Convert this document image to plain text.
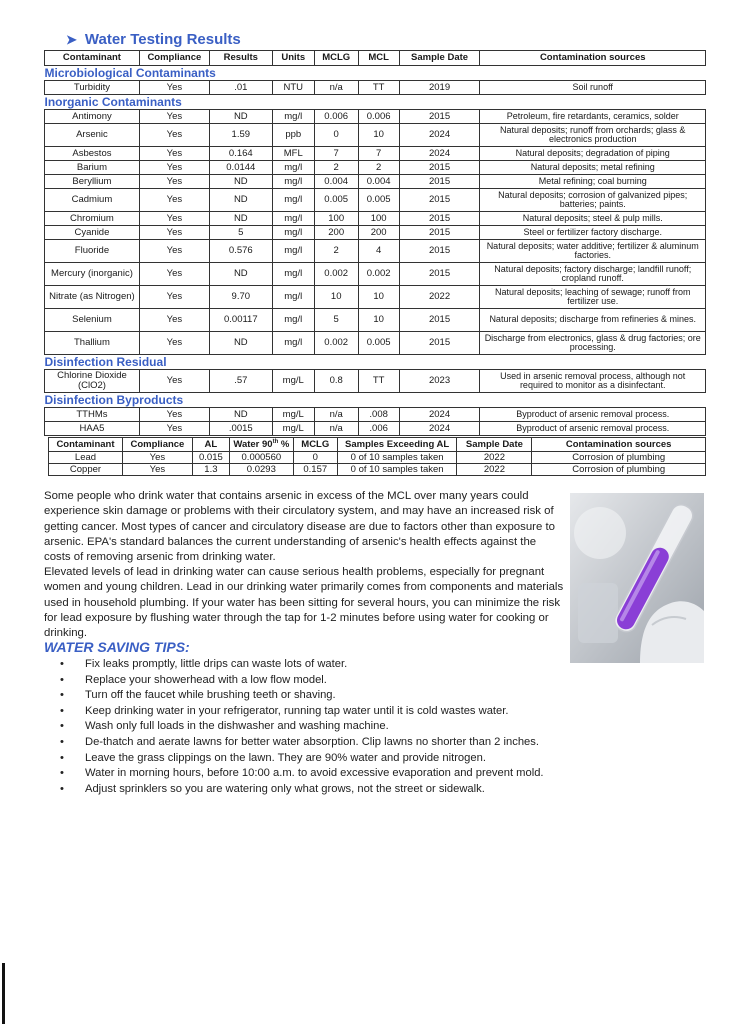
➤ Water Testing Results
Contaminant	Compliance	Results	Units	MCLG	MCL	Sample Date	Contamination sources
Microbiological Contaminants							
Turbidity	Yes	.01	NTU	n/a	TT	2019	Soil runoff
Inorganic Contaminants							
Antimony	Yes	ND	mg/l	0.006	0.006	2015	Petroleum, fire retardants, ceramics, solder
Arsenic	Yes	1.59	ppb	0	10	2024	Natural deposits; runoff from orchards; glass & electronics production
Asbestos	Yes	0.164	MFL	7	7	2024	Natural deposits; degradation of piping
Barium	Yes	0.0144	mg/l	2	2	2015	Natural deposits; metal refining
Beryllium	Yes	ND	mg/l	0.004	0.004	2015	Metal refining; coal burning
Cadmium	Yes	ND	mg/l	0.005	0.005	2015	Natural deposits; corrosion of galvanized pipes; batteries; paints.
Chromium	Yes	ND	mg/l	100	100	2015	Natural deposits; steel & pulp mills.
Cyanide	Yes	5	mg/l	200	200	2015	Steel or fertilizer factory discharge.
Fluoride	Yes	0.576	mg/l	2	4	2015	Natural deposits; water additive; fertilizer & aluminum factories.
Mercury (inorganic)	Yes	ND	mg/l	0.002	0.002	2015	Natural deposits; factory discharge; landfill runoff; cropland runoff.
Nitrate (as Nitrogen)	Yes	9.70	mg/l	10	10	2022	Natural deposits; leaching of sewage; runoff from fertilizer use.
Selenium	Yes	0.00117	mg/l	5	10	2015	Natural deposits; discharge from refineries & mines.
Thallium	Yes	ND	mg/l	0.002	0.005	2015	Discharge from electronics, glass & drug factories; ore processing.
Disinfection Residual							
Chlorine Dioxide (ClO2)	Yes	.57	mg/L	0.8	TT	2023	Used in arsenic removal process, although not required to monitor as a disinfectant.
Disinfection Byproducts							
TTHMs	Yes	ND	mg/L	n/a	.008	2024	Byproduct of arsenic removal process.
HAA5	Yes	.0015	mg/L	n/a	.006	2024	Byproduct of arsenic removal process.
Contaminant	Compliance	AL	Water 90th %	MCLG	Samples Exceeding AL	Sample Date	Contamination sources
Lead	Yes	0.015	0.000560	0	0 of 10 samples taken	2022	Corrosion of plumbing
Copper	Yes	1.3	0.0293	0.157	0 of 10 samples taken	2022	Corrosion of plumbing
Some people who drink water that contains arsenic in excess of the MCL over many years could experience skin damage or problems with their circulatory system, and may have an increased risk of getting cancer. Most types of cancer and circulatory disease are due to factors other than exposure to arsenic. EPA's standard balances the current understanding of arsenic's health effects against the costs of removing arsenic from drinking water.
Elevated levels of lead in drinking water can cause serious health problems, especially for pregnant women and young children. Lead in our drinking water primarily comes from components and materials used in household plumbing. If your water has been sitting for several hours, you can minimize the risk for lead exposure by flushing water through the tap for 1-2 minutes before using water for cooking or drinking.
WATER SAVING TIPS:
• Fix leaks promptly, little drips can waste lots of water.
• Replace your showerhead with a low flow model.
• Turn off the faucet while brushing teeth or shaving.
• Keep drinking water in your refrigerator, running tap water until it is cold wastes water.
• Wash only full loads in the dishwasher and washing machine.
• De-thatch and aerate lawns for better water absorption. Clip lawns no shorter than 2 inches.
• Leave the grass clippings on the lawn. They are 90% water and provide nitrogen.
• Water in morning hours, before 10:00 a.m. to avoid excessive evaporation and prevent mold.
• Adjust sprinklers so you are watering only what grows, not the street or sidewalk.
